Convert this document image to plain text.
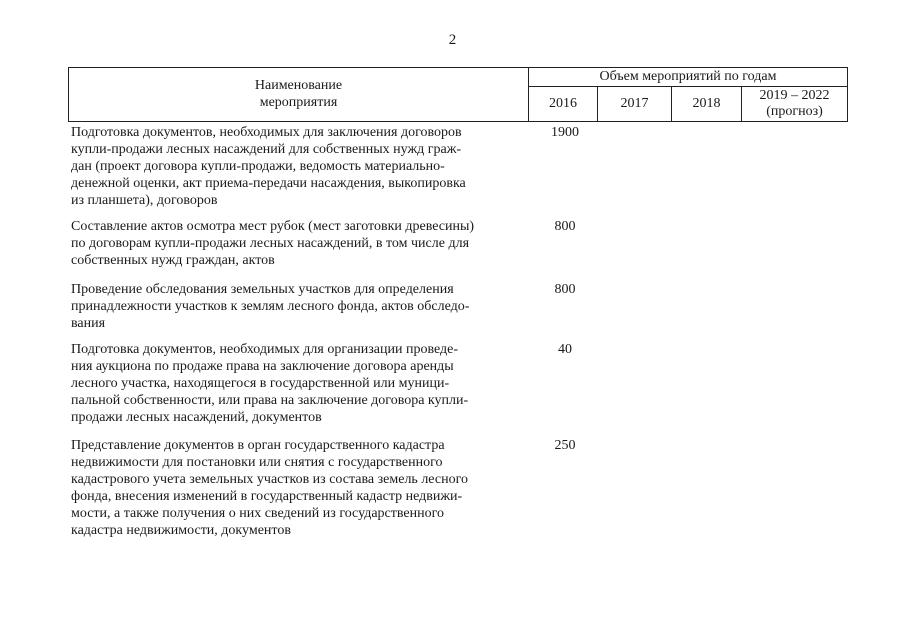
2
Наименование
мероприятия
Объем мероприятий по годам
2016	2017	2018
2019 – 2022
(прогноз)
Подготовка документов, необходимых для заключения договоров
купли-продажи лесных насаждений для собственных нужд граж-
дан (проект договора купли-продажи, ведомость материально-
денежной оценки, акт приема-передачи насаждения, выкопировка
из планшета), договоров
1900
Составление актов осмотра мест рубок (мест заготовки древесины)
по договорам купли-продажи лесных насаждений, в том числе для
собственных нужд граждан, актов
800
Проведение обследования земельных участков для определения
принадлежности участков к землям лесного фонда, актов обследо-
вания
800
Подготовка документов, необходимых для организации проведе-
ния аукциона по продаже права на заключение договора аренды
лесного участка, находящегося в государственной или муници-
пальной собственности, или права на заключение договора купли-
продажи лесных насаждений, документов
40
Представление документов в орган государственного кадастра
недвижимости для постановки или снятия с государственного
кадастрового учета земельных участков из состава земель лесного
фонда, внесения изменений в государственный кадастр недвижи-
мости, а также получения о них сведений из государственного
кадастра недвижимости, документов
250
